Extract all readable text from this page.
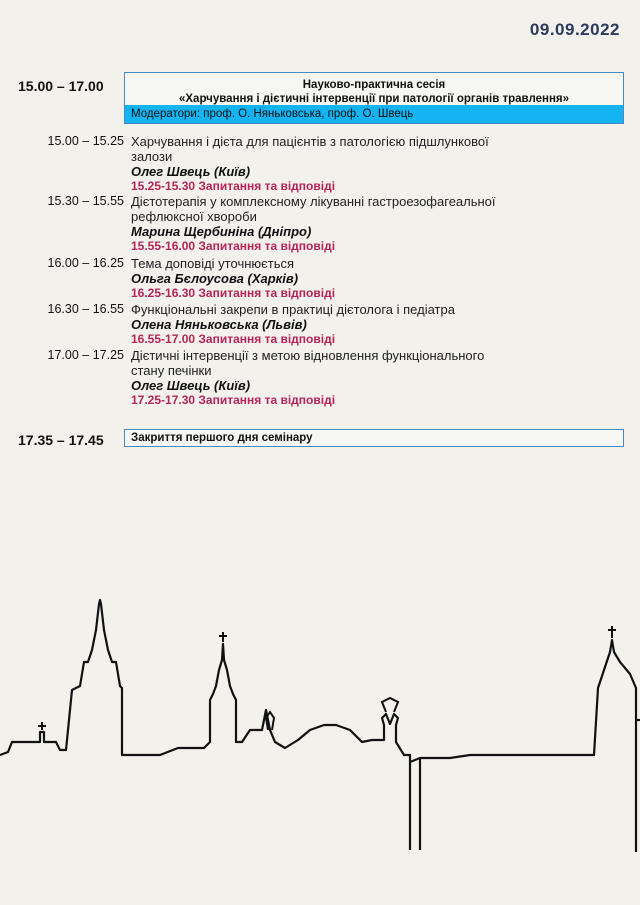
09.09.2022
15.00 – 17.00	Науково-практична сесія
«Харчування і дієтичні інтервенції при патології органів травлення»
Модератори: проф. О. Няньковська, проф. О. Швець
15.00 – 15.25 Харчування і дієта для пацієнтів з патологією підшлункової
залози
Олег Швець (Київ)
15.25-15.30 Запитання та відповіді
15.30 – 15.55 Дієтотерапія у комплексному лікуванні гастроезофагеальної
рефлюксної хвороби
Марина Щербиніна (Дніпро)
15.55-16.00 Запитання та відповіді
16.00 – 16.25 Тема доповіді уточнюється
Ольга Бєлоусова (Харків)
16.25-16.30 Запитання та відповіді
16.30 – 16.55 Функціональні закрепи в практиці дієтолога і педіатра
Олена Няньковська (Львів)
16.55-17.00 Запитання та відповіді
17.00 – 17.25 Дієтичні інтервенції з метою відновлення функціонального
стану печінки
Олег Швець (Київ)
17.25-17.30 Запитання та відповіді
17.35 – 17.45	Закриття першого дня семінару
